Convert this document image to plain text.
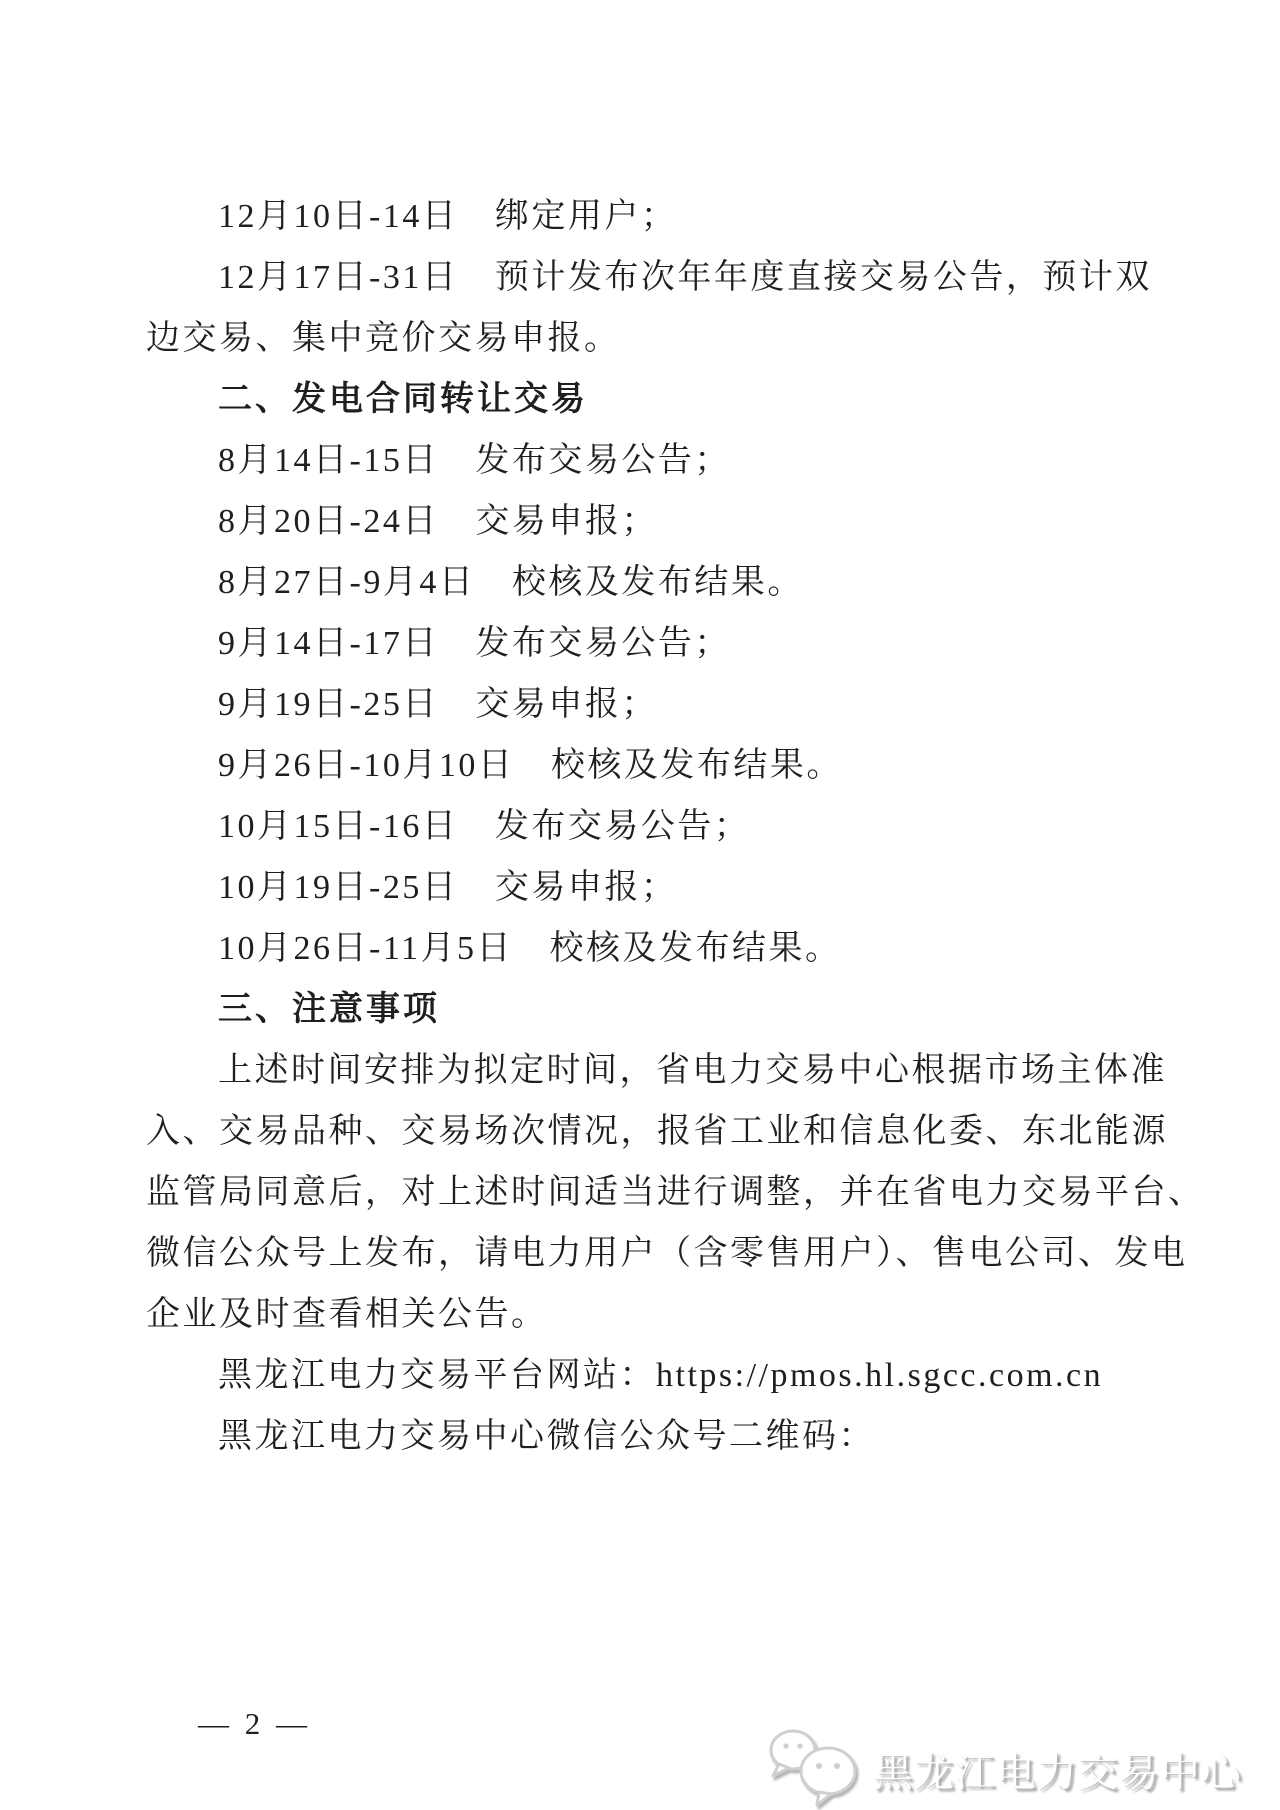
12月10日-14日　绑定用户；
12月17日-31日　预计发布次年年度直接交易公告，预计双
边交易、集中竞价交易申报。
二、发电合同转让交易
8月14日-15日　发布交易公告；
8月20日-24日　交易申报；
8月27日-9月4日　校核及发布结果。
9月14日-17日　发布交易公告；
9月19日-25日　交易申报；
9月26日-10月10日　校核及发布结果。
10月15日-16日　发布交易公告；
10月19日-25日　交易申报；
10月26日-11月5日　校核及发布结果。
三、注意事项
上述时间安排为拟定时间，省电力交易中心根据市场主体准
入、交易品种、交易场次情况，报省工业和信息化委、东北能源
监管局同意后，对上述时间适当进行调整，并在省电力交易平台、
微信公众号上发布，请电力用户（含零售用户）、售电公司、发电
企业及时查看相关公告。
黑龙江电力交易平台网站：https://pmos.hl.sgcc.com.cn
黑龙江电力交易中心微信公众号二维码：
— 2 —
黑龙江电力交易中心
